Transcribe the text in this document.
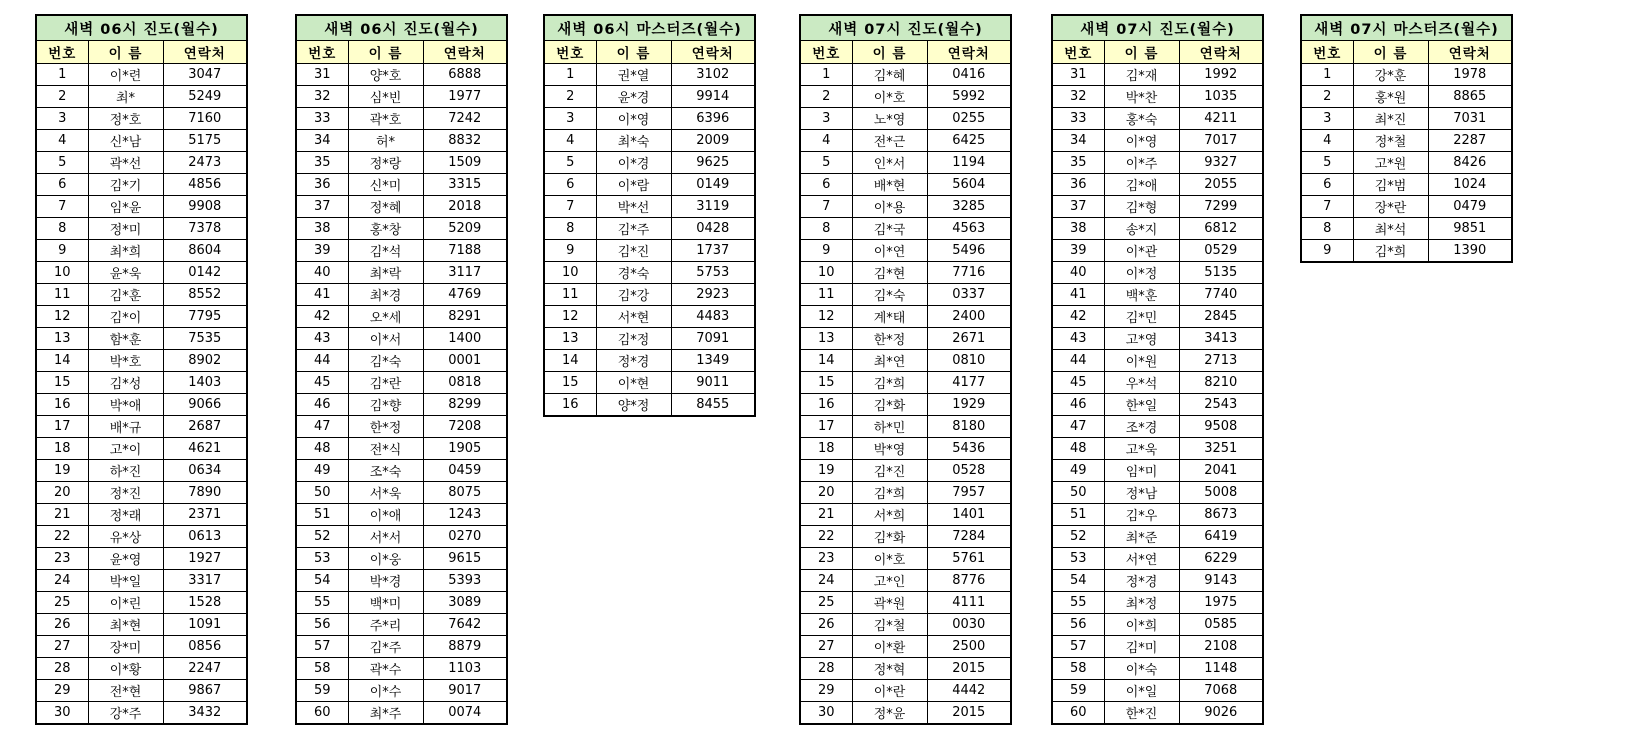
새벽 06시 진도(월수)		
번호	이 름	연락처
1	이*련	3047
2	최*	5249
3	정*호	7160
4	신*남	5175
5	곽*선	2473
6	김*기	4856
7	임*윤	9908
8	정*미	7378
9	최*희	8604
10	윤*욱	0142
11	김*훈	8552
12	김*이	7795
13	함*훈	7535
14	박*호	8902
15	김*성	1403
16	박*애	9066
17	배*규	2687
18	고*이	4621
19	하*진	0634
20	정*진	7890
21	정*래	2371
22	유*상	0613
23	윤*영	1927
24	박*일	3317
25	이*린	1528
26	최*현	1091
27	장*미	0856
28	이*황	2247
29	전*현	9867
30	강*주	3432
새벽 06시 진도(월수)		
번호	이 름	연락처
31	양*호	6888
32	심*빈	1977
33	곽*호	7242
34	허*	8832
35	정*랑	1509
36	신*미	3315
37	정*혜	2018
38	홍*창	5209
39	김*석	7188
40	최*락	3117
41	최*경	4769
42	오*세	8291
43	이*서	1400
44	김*숙	0001
45	김*란	0818
46	김*향	8299
47	한*정	7208
48	전*식	1905
49	조*숙	0459
50	서*욱	8075
51	이*애	1243
52	서*서	0270
53	이*웅	9615
54	박*경	5393
55	백*미	3089
56	주*리	7642
57	김*주	8879
58	곽*수	1103
59	이*수	9017
60	최*주	0074
새벽 06시 마스터즈(월수)		
번호	이 름	연락처
1	권*열	3102
2	윤*경	9914
3	이*영	6396
4	최*숙	2009
5	이*경	9625
6	이*람	0149
7	박*선	3119
8	김*주	0428
9	김*진	1737
10	경*숙	5753
11	김*강	2923
12	서*현	4483
13	김*정	7091
14	정*경	1349
15	이*현	9011
16	양*정	8455
새벽 07시 진도(월수)		
번호	이 름	연락처
1	김*혜	0416
2	이*호	5992
3	노*영	0255
4	전*근	6425
5	인*서	1194
6	배*현	5604
7	이*용	3285
8	김*국	4563
9	이*연	5496
10	김*현	7716
11	김*숙	0337
12	계*태	2400
13	한*정	2671
14	최*연	0810
15	김*희	4177
16	김*화	1929
17	하*민	8180
18	박*영	5436
19	김*진	0528
20	김*희	7957
21	서*희	1401
22	김*화	7284
23	이*호	5761
24	고*인	8776
25	곽*원	4111
26	김*철	0030
27	이*환	2500
28	정*혁	2015
29	이*란	4442
30	정*윤	2015
새벽 07시 진도(월수)		
번호	이 름	연락처
31	김*재	1992
32	박*찬	1035
33	홍*숙	4211
34	이*영	7017
35	이*주	9327
36	김*애	2055
37	김*형	7299
38	송*지	6812
39	이*관	0529
40	이*정	5135
41	백*훈	7740
42	김*민	2845
43	고*영	3413
44	이*원	2713
45	우*석	8210
46	한*일	2543
47	조*경	9508
48	고*욱	3251
49	임*미	2041
50	정*남	5008
51	김*우	8673
52	최*준	6419
53	서*연	6229
54	정*경	9143
55	최*정	1975
56	이*희	0585
57	김*미	2108
58	이*숙	1148
59	이*일	7068
60	한*진	9026
새벽 07시 마스터즈(월수)		
번호	이 름	연락처
1	강*훈	1978
2	홍*원	8865
3	최*진	7031
4	정*철	2287
5	고*원	8426
6	김*범	1024
7	장*란	0479
8	최*석	9851
9	김*희	1390
